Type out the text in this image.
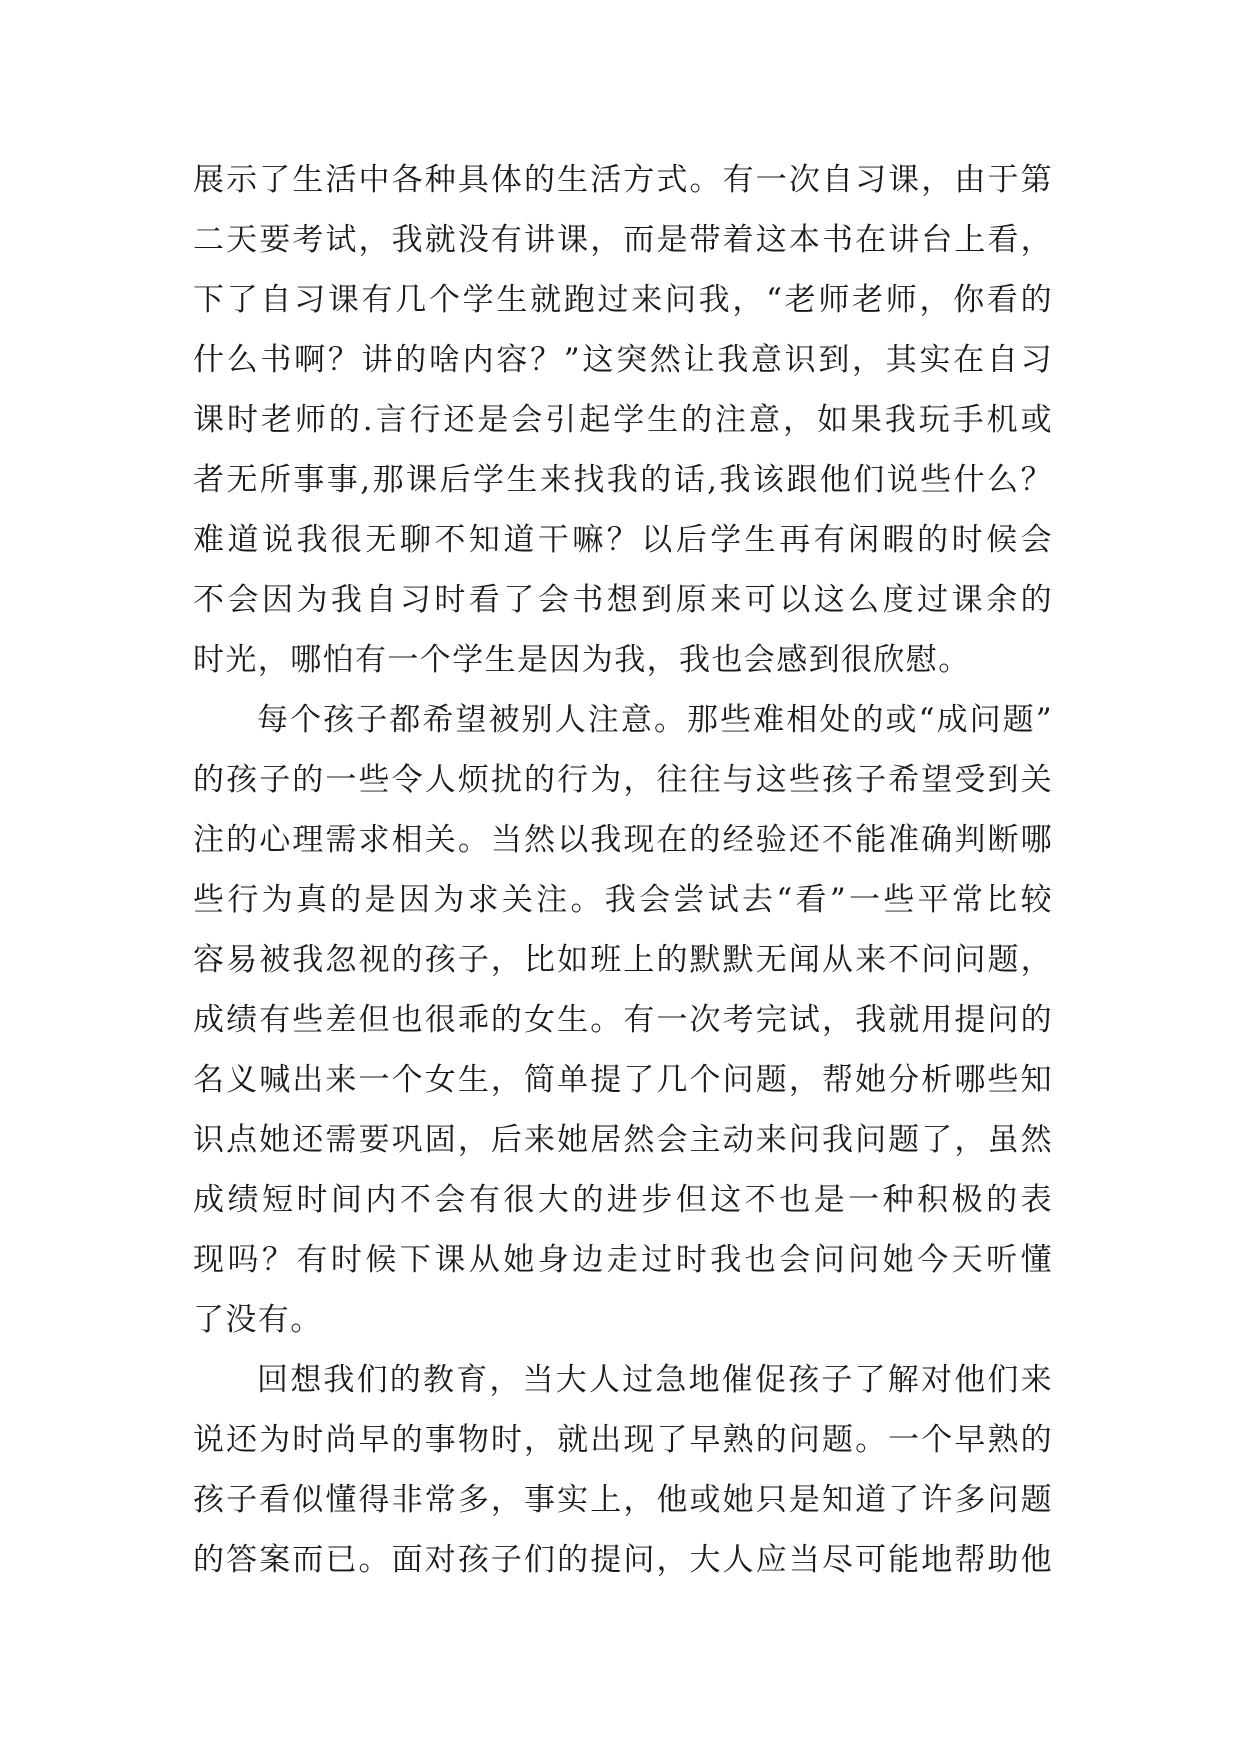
展示了生活中各种具体的生活方式。有一次自习课，由于第
二天要考试，我就没有讲课，而是带着这本书在讲台上看，
下了自习课有几个学生就跑过来问我，“老师老师，你看的
什么书啊？讲的啥内容？”这突然让我意识到，其实在自习
课时老师的.言行还是会引起学生的注意，如果我玩手机或
者无所事事,那课后学生来找我的话,我该跟他们说些什么？
难道说我很无聊不知道干嘛？以后学生再有闲暇的时候会
不会因为我自习时看了会书想到原来可以这么度过课余的
时光，哪怕有一个学生是因为我，我也会感到很欣慰。
每个孩子都希望被别人注意。那些难相处的或“成问题”
的孩子的一些令人烦扰的行为，往往与这些孩子希望受到关
注的心理需求相关。当然以我现在的经验还不能准确判断哪
些行为真的是因为求关注。我会尝试去“看”一些平常比较
容易被我忽视的孩子，比如班上的默默无闻从来不问问题，
成绩有些差但也很乖的女生。有一次考完试，我就用提问的
名义喊出来一个女生，简单提了几个问题，帮她分析哪些知
识点她还需要巩固，后来她居然会主动来问我问题了，虽然
成绩短时间内不会有很大的进步但这不也是一种积极的表
现吗？有时候下课从她身边走过时我也会问问她今天听懂
了没有。
回想我们的教育，当大人过急地催促孩子了解对他们来
说还为时尚早的事物时，就出现了早熟的问题。一个早熟的
孩子看似懂得非常多，事实上，他或她只是知道了许多问题
的答案而已。面对孩子们的提问，大人应当尽可能地帮助他
